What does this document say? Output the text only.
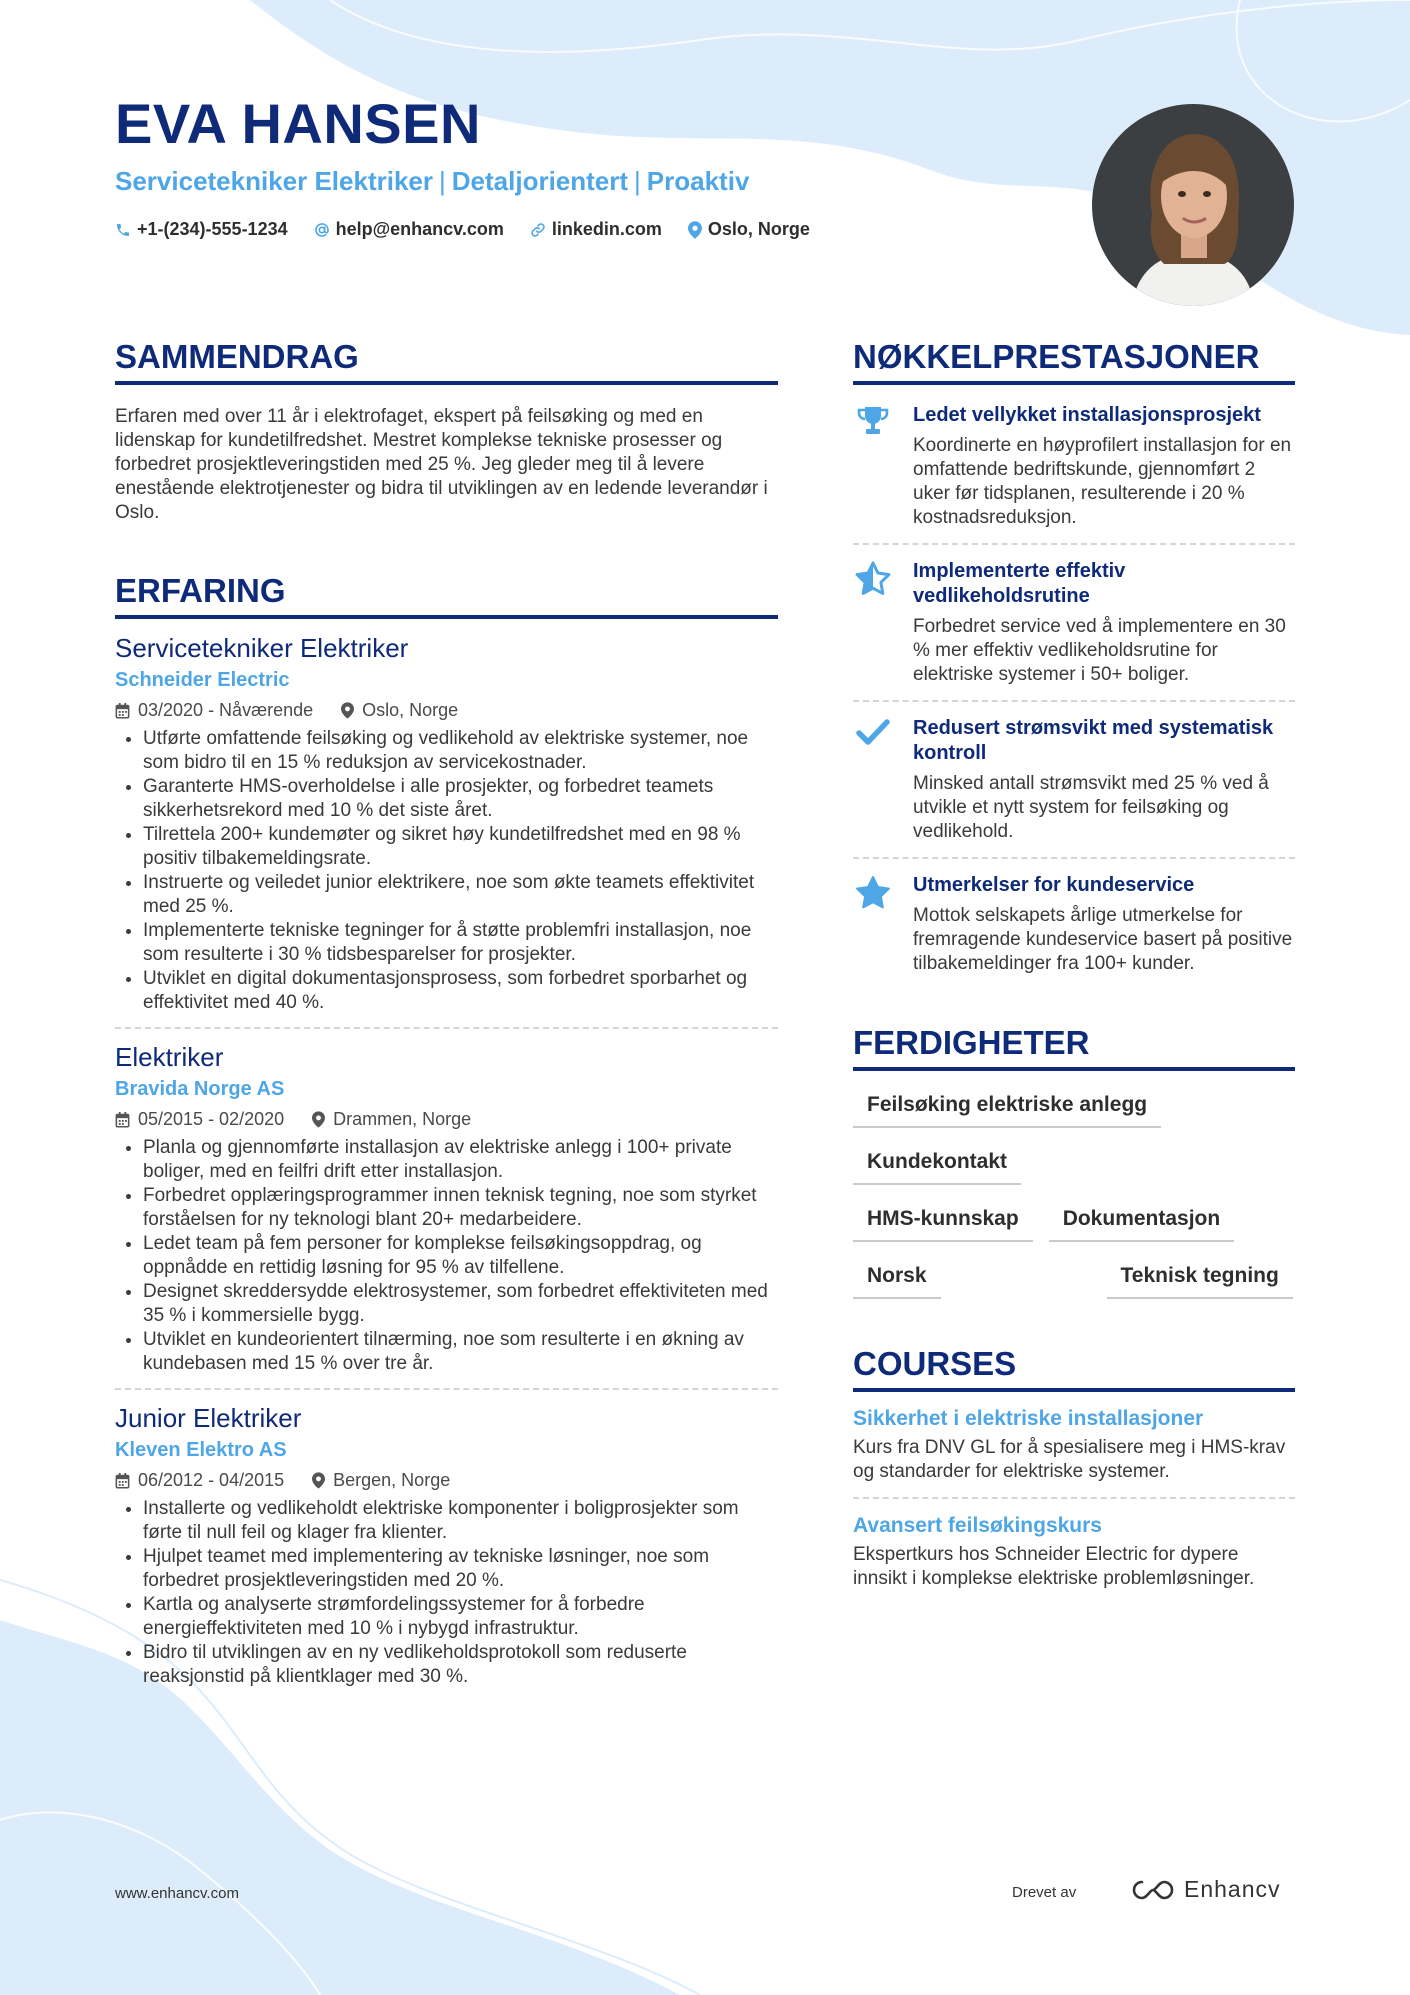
EVA HANSEN
Servicetekniker Elektriker | Detaljorientert | Proaktiv
+1-(234)-555-1234	help@enhancv.com	linkedin.com	Oslo, Norge
SAMMENDRAG

Erfaren med over 11 år i elektrofaget, ekspert på feilsøking og med en lidenskap for kundetilfredshet. Mestret komplekse tekniske prosesser og forbedret prosjektleveringstiden med 25 %. Jeg gleder meg til å levere enestående elektrotjenester og bidra til utviklingen av en ledende leverandør i Oslo.

ERFARING
Servicetekniker Elektriker
Schneider Electric
03/2020 - Nåværende	Oslo, Norge
• Utførte omfattende feilsøking og vedlikehold av elektriske systemer, noe som bidro til en 15 % reduksjon av servicekostnader.
• Garanterte HMS-overholdelse i alle prosjekter, og forbedret teamets sikkerhetsrekord med 10 % det siste året.
• Tilrettela 200+ kundemøter og sikret høy kundetilfredshet med en 98 % positiv tilbakemeldingsrate.
• Instruerte og veiledet junior elektrikere, noe som økte teamets effektivitet med 25 %.
• Implementerte tekniske tegninger for å støtte problemfri installasjon, noe som resulterte i 30 % tidsbesparelser for prosjekter.
• Utviklet en digital dokumentasjonsprosess, som forbedret sporbarhet og effektivitet med 40 %.
Elektriker
Bravida Norge AS
05/2015 - 02/2020	Drammen, Norge
• Planla og gjennomførte installasjon av elektriske anlegg i 100+ private boliger, med en feilfri drift etter installasjon.
• Forbedret opplæringsprogrammer innen teknisk tegning, noe som styrket forståelsen for ny teknologi blant 20+ medarbeidere.
• Ledet team på fem personer for komplekse feilsøkingsoppdrag, og oppnådde en rettidig løsning for 95 % av tilfellene.
• Designet skreddersydde elektrosystemer, som forbedret effektiviteten med 35 % i kommersielle bygg.
• Utviklet en kundeorientert tilnærming, noe som resulterte i en økning av kundebasen med 15 % over tre år.
Junior Elektriker
Kleven Elektro AS
06/2012 - 04/2015	Bergen, Norge
• Installerte og vedlikeholdt elektriske komponenter i boligprosjekter som førte til null feil og klager fra klienter.
• Hjulpet teamet med implementering av tekniske løsninger, noe som forbedret prosjektleveringstiden med 20 %.
• Kartla og analyserte strømfordelingssystemer for å forbedre energieffektiviteten med 10 % i nybygd infrastruktur.
• Bidro til utviklingen av en ny vedlikeholdsprotokoll som reduserte reaksjonstid på klientklager med 30 %.
NØKKELPRESTASJONER
Ledet vellykket installasjonsprosjekt
Koordinerte en høyprofilert installasjon for en omfattende bedriftskunde, gjennomført 2 uker før tidsplanen, resulterende i 20 % kostnadsreduksjon.
Implementerte effektiv vedlikeholdsrutine
Forbedret service ved å implementere en 30 % mer effektiv vedlikeholdsrutine for elektriske systemer i 50+ boliger.
Redusert strømsvikt med systematisk kontroll
Minsked antall strømsvikt med 25 % ved å utvikle et nytt system for feilsøking og vedlikehold.
Utmerkelser for kundeservice
Mottok selskapets årlige utmerkelse for fremragende kundeservice basert på positive tilbakemeldinger fra 100+ kunder.
FERDIGHETER
Feilsøking elektriske anlegg
Kundekontakt
HMS-kunnskap	Dokumentasjon
Norsk	Teknisk tegning
COURSES
Sikkerhet i elektriske installasjoner
Kurs fra DNV GL for å spesialisere meg i HMS-krav og standarder for elektriske systemer.
Avansert feilsøkingskurs
Ekspertkurs hos Schneider Electric for dypere innsikt i komplekse elektriske problemløsninger.
www.enhancv.com	Drevet av	Enhancv
